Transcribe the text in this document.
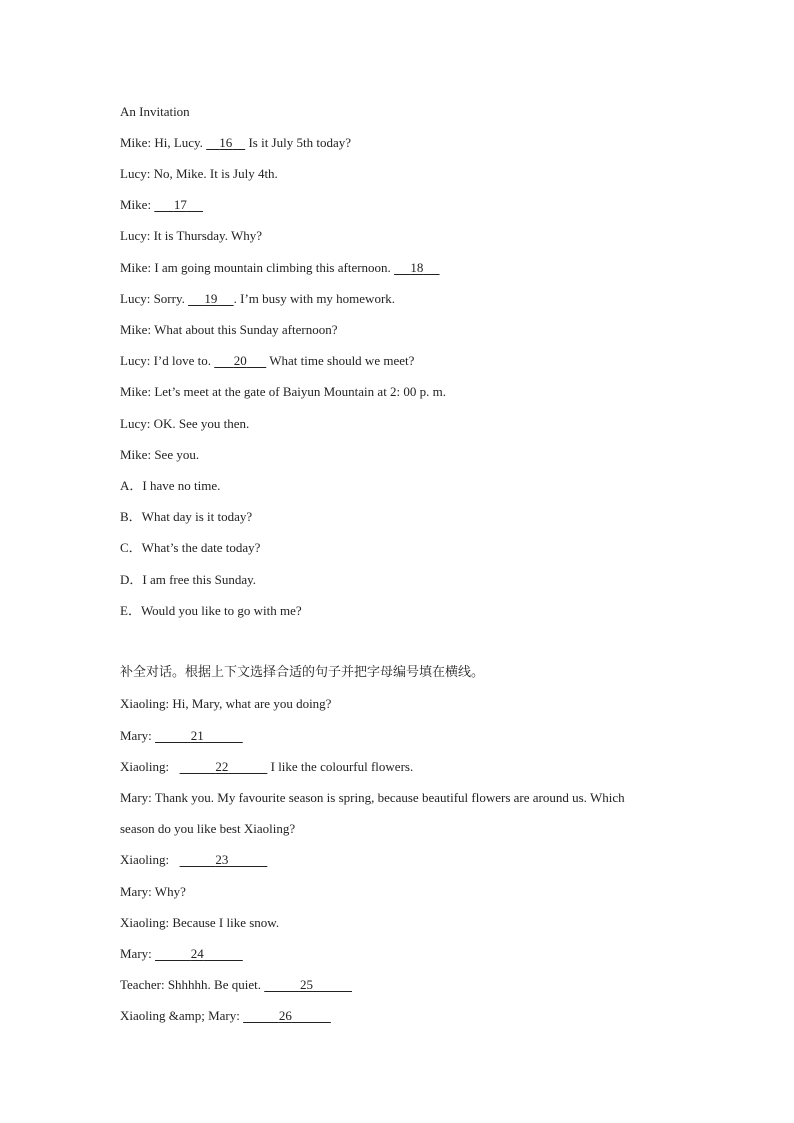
An Invitation
Mike: Hi, Lucy. 16 Is it July 5th today?
Lucy: No, Mike. It is July 4th.
Mike: 17
Lucy: It is Thursday. Why?
Mike: I am going mountain climbing this afternoon. 18
Lucy: Sorry. 19 . I’m busy with my homework.
Mike: What about this Sunday afternoon?
Lucy: I’d love to. 20 What time should we meet?
Mike: Let’s meet at the gate of Baiyun Mountain at 2: 00 p. m.
Lucy: OK. See you then.
Mike: See you.
A．I have no time.
B．What day is it today?
C．What’s the date today?
D．I am free this Sunday.
E．Would you like to go with me?
补全对话。根据上下文选择合适的句子并把字母编号填在横线。
Xiaoling: Hi, Mary, what are you doing?
Mary:	21
Xiaoling:	22	I like the colourful flowers.
Mary: Thank you. My favourite season is spring, because beautiful flowers are around us. Which
season do you like best Xiaoling?
Xiaoling:	23
Mary: Why?
Xiaoling: Because I like snow.
Mary:	24
Teacher: Shhhhh. Be quiet.	25
Xiaoling &amp; Mary:	26
